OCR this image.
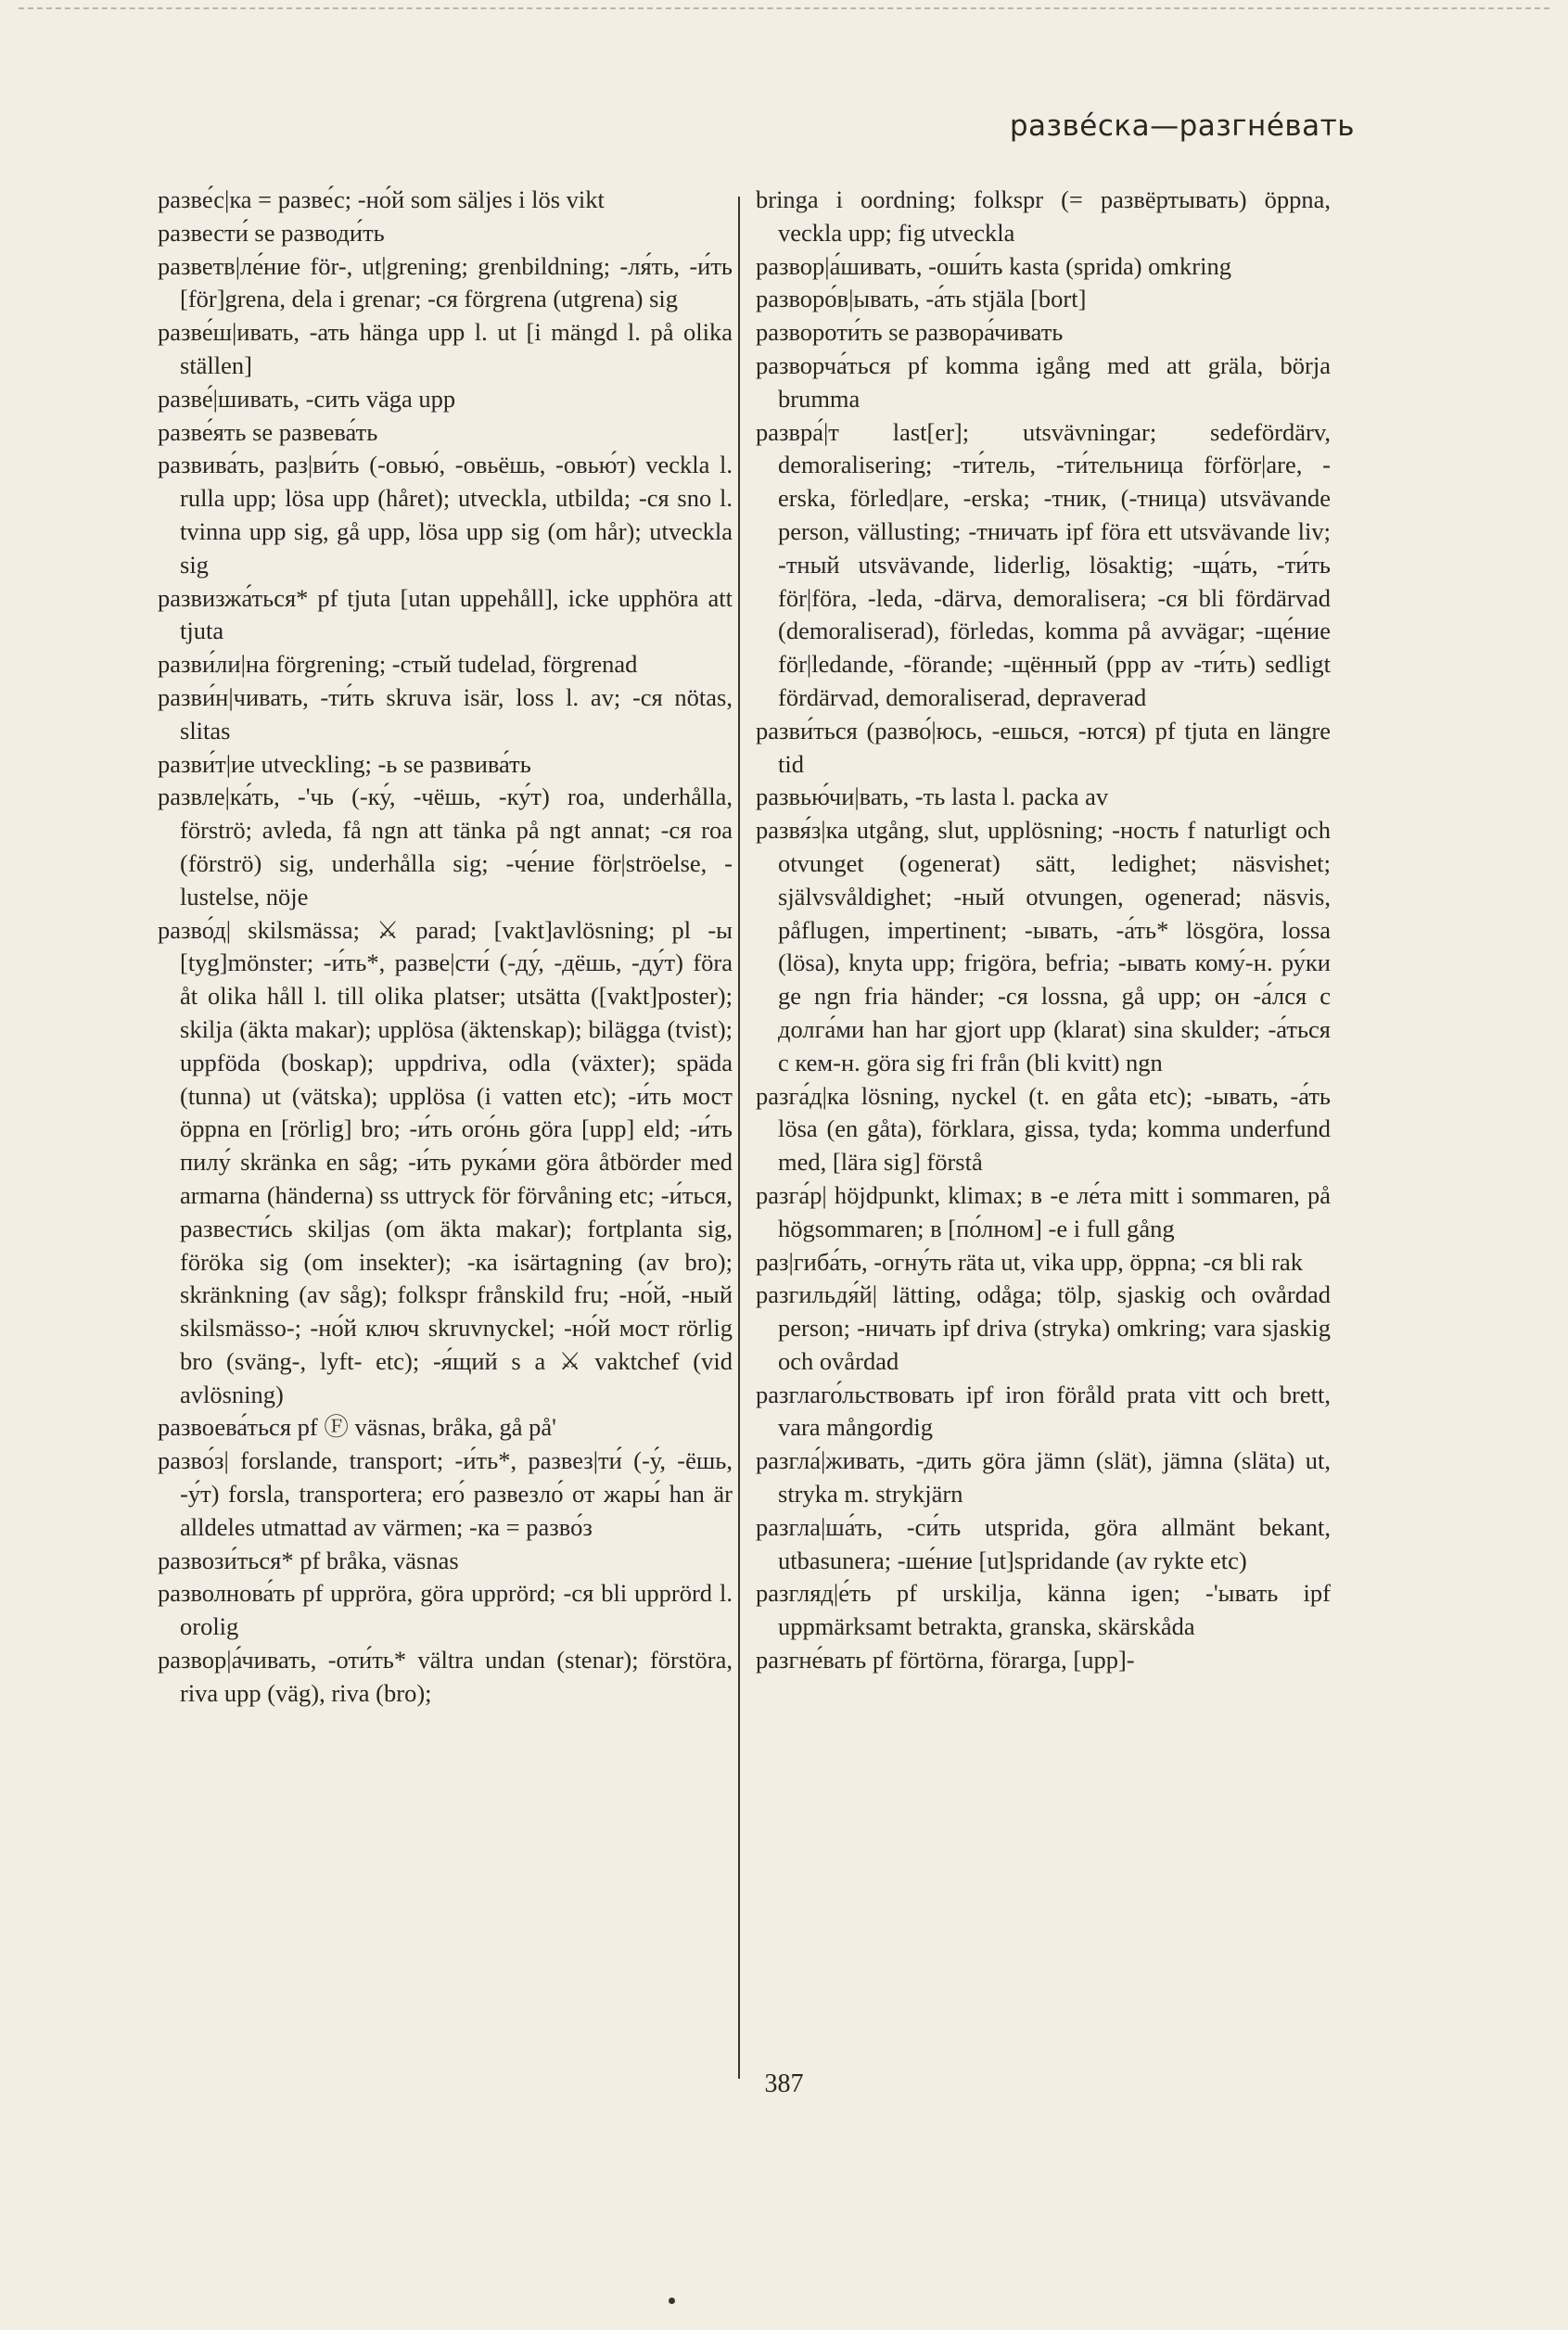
разве́ска—разгне́вать

разве́с|ка = разве́с; -но́й som säljes i lös vikt

развести́ se разводи́ть

разветв|ле́ние för-, ut|grening; grenbildning; -ля́ть, -и́ть [för]grena, dela i grenar; -ся förgrena (utgrena) sig

разве́ш|ивать, -ать hänga upp l. ut [i mängd l. på olika ställen]

разве́|шивать, -сить väga upp

разве́ять se развева́ть

развива́ть, раз|ви́ть (-овью́, -овьёшь, -овью́т) veckla l. rulla upp; lösa upp (håret); utveckla, utbilda; -ся sno l. tvinna upp sig, gå upp, lösa upp sig (om hår); utveckla sig

развизжа́ться* pf tjuta [utan uppehåll], icke upphöra att tjuta

разви́ли|на förgrening; -стый tudelad, förgrenad

разви́н|чивать, -ти́ть skruva isär, loss l. av; -ся nötas, slitas

разви́т|ие utveckling; -ь se развива́ть

развле|ка́ть, -'чь (-ку́, -чёшь, -ку́т) roa, underhålla, förströ; avleda, få ngn att tänka på ngt annat; -ся roa (förströ) sig, underhålla sig; -че́ние för|ströelse, -lustelse, nöje

разво́д| skilsmässa; ⚔ parad; [vakt]avlösning; pl -ы [tyg]mönster; -и́ть*, разве|сти́ (-ду́, -дёшь, -ду́т) föra åt olika håll l. till olika platser; utsätta ([vakt]poster); skilja (äkta makar); upplösa (äktenskap); bilägga (tvist); uppföda (boskap); uppdriva, odla (växter); späda (tunna) ut (vätska); upplösa (i vatten etc); -и́ть мост öppna en [rörlig] bro; -и́ть ого́нь göra [upp] eld; -и́ть пилу́ skränka en såg; -и́ть рука́ми göra åtbörder med armarna (händerna) ss uttryck för förvåning etc; -и́ться, развести́сь skiljas (om äkta makar); fortplanta sig, föröka sig (om insekter); -ка isärtagning (av bro); skränkning (av såg); folkspr frånskild fru; -но́й, -ный skilsmässo-; -но́й ключ skruvnyckel; -но́й мост rörlig bro (sväng-, lyft- etc); -я́щий s a ⚔ vaktchef (vid avlösning)

развоева́ться pf Ⓕ väsnas, bråka, gå på'

разво́з| forslande, transport; -и́ть*, развез|ти́ (-у́, -ёшь, -у́т) forsla, transportera; его́ развезло́ от жары́ han är alldeles utmattad av värmen; -ка = разво́з

развози́ться* pf bråka, väsnas

разволнова́ть pf uppröra, göra upprörd; -ся bli upprörd l. orolig

развор|а́чивать, -оти́ть* vältra undan (stenar); förstöra, riva upp (väg), riva (bro);

bringa i oordning; folkspr (= развёртывать) öppna, veckla upp; fig utveckla

развор|а́шивать, -оши́ть kasta (sprida) omkring

разворо́в|ывать, -а́ть stjäla [bort]

развороти́ть se развора́чивать

разворча́ться pf komma igång med att gräla, börja brumma

развра́|т last[er]; utsvävningar; sedefördärv, demoralisering; -ти́тель, -ти́тельница förför|are, -erska, förled|are, -erska; -тник, (-тница) utsvävande person, vällusting; -тничать ipf föra ett utsvävande liv; -тный utsvävande, liderlig, lösaktig; -ща́ть, -ти́ть för|föra, -leda, -därva, demoralisera; -ся bli fördärvad (demoraliserad), förledas, komma på avvägar; -ще́ние för|ledande, -förande; -щённый (ppp av -ти́ть) sedligt fördärvad, demoraliserad, depraverad

разви́ться (разво́|юсь, -ешься, -ются) pf tjuta en längre tid

развью́чи|вать, -ть lasta l. packa av

развя́з|ка utgång, slut, upplösning; -ность f naturligt och otvunget (ogenerat) sätt, ledighet; näsvishet; självsvåldighet; -ный otvungen, ogenerad; näsvis, påflugen, impertinent; -ывать, -а́ть* lösgöra, lossa (lösa), knyta upp; frigöra, befria; -ывать кому́-н. ру́ки ge ngn fria händer; -ся lossna, gå upp; он -а́лся с долга́ми han har gjort upp (klarat) sina skulder; -а́ться с кем-н. göra sig fri från (bli kvitt) ngn

разга́д|ка lösning, nyckel (t. en gåta etc); -ывать, -а́ть lösa (en gåta), förklara, gissa, tyda; komma underfund med, [lära sig] förstå

разга́р| höjdpunkt, klimax; в -е ле́та mitt i sommaren, på högsommaren; в [по́лном] -е i full gång

раз|гиба́ть, -огну́ть räta ut, vika upp, öppna; -ся bli rak

разгильдя́й| lätting, odåga; tölp, sjaskig och ovårdad person; -ничать ipf driva (stryka) omkring; vara sjaskig och ovårdad

разглаго́льствовать ipf iron föråld prata vitt och brett, vara mångordig

разгла́|живать, -дить göra jämn (slät), jämna (släta) ut, stryka m. strykjärn

разгла|ша́ть, -си́ть utsprida, göra allmänt bekant, utbasunera; -ше́ние [ut]spridande (av rykte etc)

разгляд|е́ть pf urskilja, känna igen; -'ывать ipf uppmärksamt betrakta, granska, skärskåda

разгне́вать pf förtörna, förarga, [upp]-

387
